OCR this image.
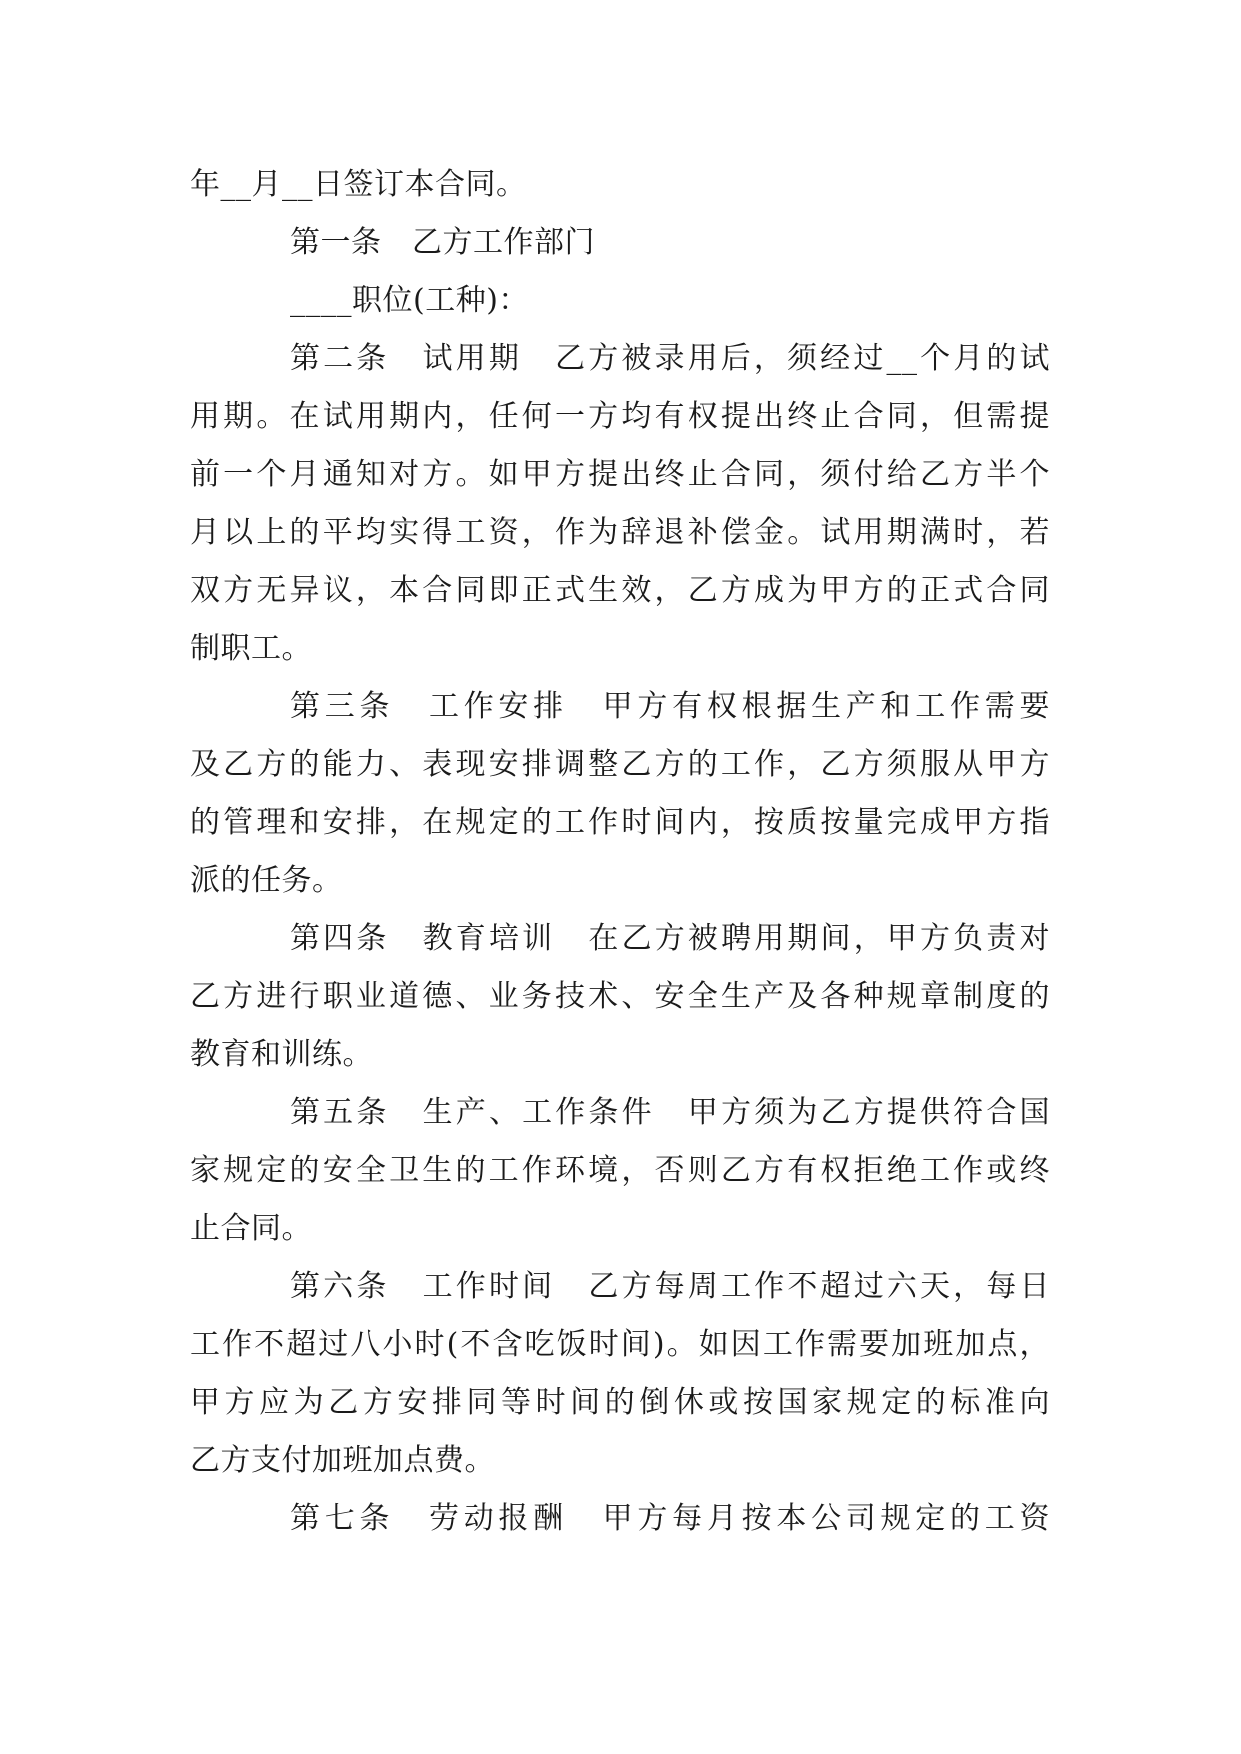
年__月__日签订本合同。
第一条　乙方工作部门
____职位(工种)：
第二条　试用期　乙方被录用后，须经过__个月的试
用期。在试用期内，任何一方均有权提出终止合同，但需提
前一个月通知对方。如甲方提出终止合同，须付给乙方半个
月以上的平均实得工资，作为辞退补偿金。试用期满时，若
双方无异议，本合同即正式生效，乙方成为甲方的正式合同
制职工。
第三条　工作安排　甲方有权根据生产和工作需要
及乙方的能力、表现安排调整乙方的工作，乙方须服从甲方
的管理和安排，在规定的工作时间内，按质按量完成甲方指
派的任务。
第四条　教育培训　在乙方被聘用期间，甲方负责对
乙方进行职业道德、业务技术、安全生产及各种规章制度的
教育和训练。
第五条　生产、工作条件　甲方须为乙方提供符合国
家规定的安全卫生的工作环境，否则乙方有权拒绝工作或终
止合同。
第六条　工作时间　乙方每周工作不超过六天，每日
工作不超过八小时(不含吃饭时间)。如因工作需要加班加点，
甲方应为乙方安排同等时间的倒休或按国家规定的标准向
乙方支付加班加点费。
第七条　劳动报酬　甲方每月按本公司规定的工资
